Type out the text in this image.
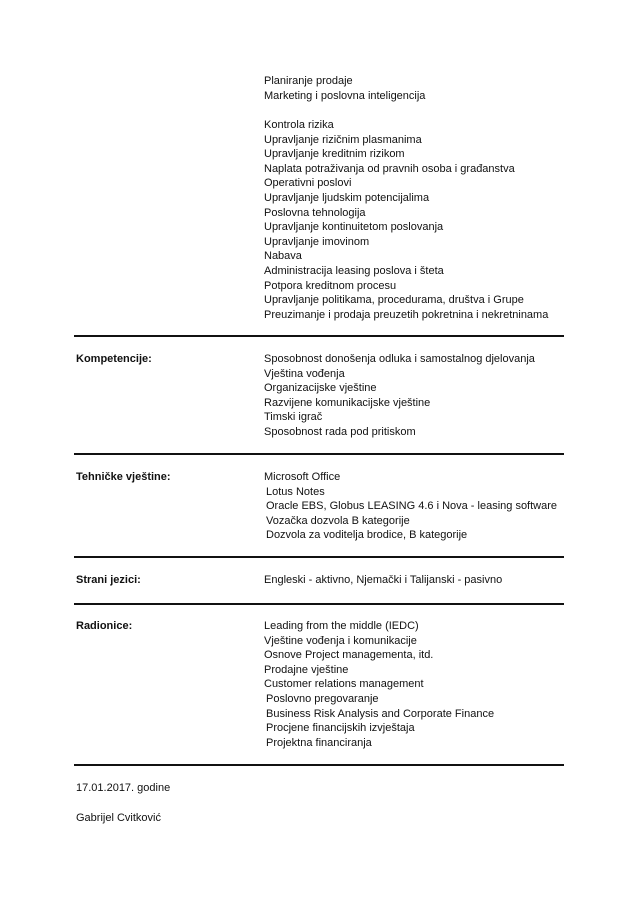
Planiranje prodaje
Marketing i poslovna inteligencija
Kontrola rizika
Upravljanje rizičnim plasmanima
Upravljanje kreditnim rizikom
Naplata potraživanja od pravnih osoba i građanstva
Operativni poslovi
Upravljanje ljudskim potencijalima
Poslovna tehnologija
Upravljanje kontinuitetom poslovanja
Upravljanje imovinom
Nabava
Administracija leasing poslova i šteta
Potpora kreditnom procesu
Upravljanje politikama, procedurama, društva i Grupe
Preuzimanje i prodaja preuzetih pokretnina i nekretninama
Kompetencije:	Sposobnost donošenja odluka i samostalnog djelovanja
Vještina vođenja
Organizacijske vještine
Razvijene komunikacijske vještine
Timski igrač
Sposobnost rada pod pritiskom
Tehničke vještine:	Microsoft Office
Lotus Notes
Oracle EBS, Globus LEASING 4.6 i Nova - leasing software
Vozačka dozvola B kategorije
Dozvola za voditelja brodice, B kategorije
Strani jezici:	Engleski - aktivno, Njemački i Talijanski - pasivno
Radionice:	Leading from the middle (IEDC)
Vještine vođenja i komunikacije
Osnove Project managementa, itd.
Prodajne vještine
Customer relations management
Poslovno pregovaranje
Business Risk Analysis and Corporate Finance
Procjene financijskih izvještaja
Projektna financiranja
17.01.2017. godine
Gabrijel Cvitković
